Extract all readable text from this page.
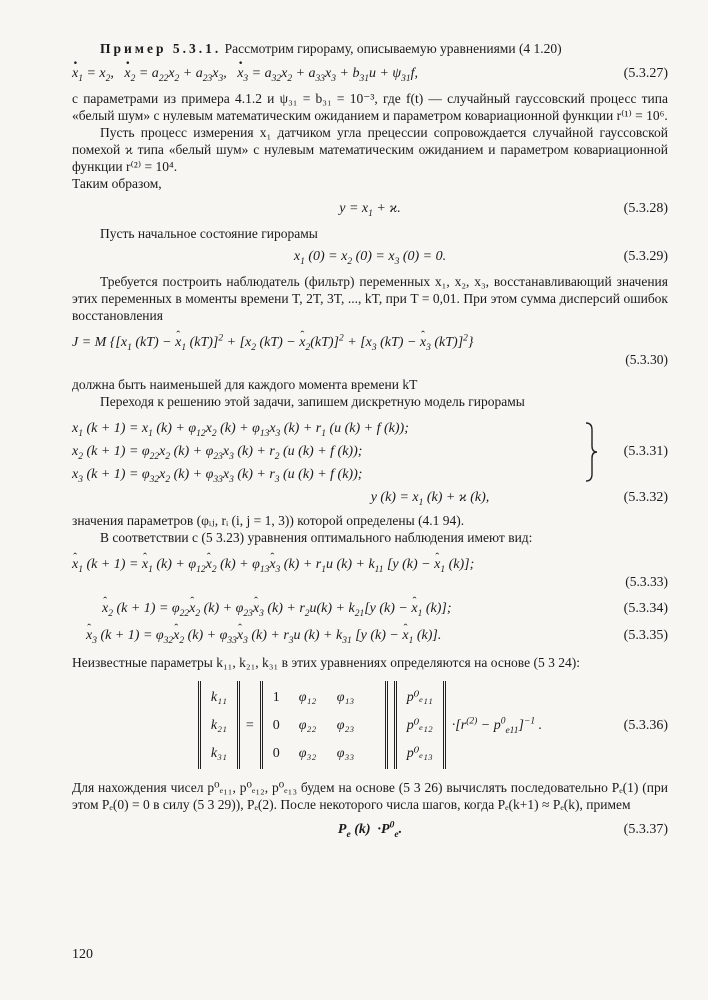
Пример 5.3.1. Рассмотрим гирораму, описываемую уравнениями (4 1.20)

· $x_1 = x_2$,   · $x_2 = a_{22}x_2 + a_{23}x_3$,   · $x_3 = a_{32}x_2 + a_{33}x_3 + b_{31}u + \psi_{31}f$,	(5.3.27)

с параметрами из примера 4.1.2 и ψ₃₁ = b₃₁ = 10⁻³, где f(t) — случайный гауссовский процесс типа «белый шум» с нулевым математическим ожиданием и параметром ковариационной функции r⁽¹⁾ = 10⁶.

Пусть процесс измерения x₁ датчиком угла прецессии сопровождается случайной гауссовской помехой ϰ типа «белый шум» с нулевым математическим ожиданием и параметром ковариационной функции r⁽²⁾ = 10⁴.

Таким образом,

$y = x_1 + ϰ$.	(5.3.28)

Пусть начальное состояние гирорамы

$x_1$ $(0) = x_2$ $(0) = x_3$ (0) = 0.	(5.3.29)

Требуется построить наблюдатель (фильтр) переменных x₁, x₂, x₃, восстанавливающий значения этих переменных в моменты времени T, 2T, 3T, ..., kT, при T = 0,01. При этом сумма дисперсий ошибок восстановления

J = M {[$x_1$ (kT) − ˆ $x_1$ $(kT)]^2 + [x_2$ (kT) − ˆ $x_2(kT)]^2 + [x_3$ (kT) − ˆ $x_3$ (kT)]$^2$}
(5.3.30)

должна быть наименьшей для каждого момента времени kT

Переходя к решению этой задачи, запишем дискретную модель гирорамы

$x_1$ $(k + 1) = x_1$ $(k) + \varphi_{12}x_2$ $(k) + \varphi_{13}x_3$ $(k) + r_1$ (u (k) + f (k));
$x_2$ $(k + 1) = \varphi_{22}x_2$ $(k) + \varphi_{23}x_3$ $(k) + r_2$ (u (k) + f (k));	(5.3.31)
$x_3$ $(k + 1) = \varphi_{32}x_2$ $(k) + \varphi_{33}x_3$ $(k) + r_3$ (u (k) + f (k));
y $(k) = x_1$ (k) + ϰ (k),	(5.3.32)

значения параметров (φᵢⱼ, rᵢ (i, j = 1, 3)) которой определены (4.1 94).

В соответствии с (5 3.23) уравнения оптимального наблюдения имеют вид:

ˆ $x_1$ (k + 1) = ˆ $x_1$ $(k) + \varphi_{12}ˆ$ $x_2$ $(k) + \varphi_{13}ˆ$ $x_3$ $(k) + r_1u$ $(k) + k_{11}$ [y (k) − ˆ $x_1$ (k)];
(5.3.33)
ˆ $x_2$ $(k + 1) = \varphi_{22}ˆ$ $x_2$ $(k) + \varphi_{23}ˆ$ $x_3$ $(k) + r_2u(k) + k_{21}[y$ (k) − ˆ $x_1$ (k)];	(5.3.34)
ˆ $x_3$ $(k + 1) = \varphi_{32}ˆ$ $x_2$ $(k) + \varphi_{33}ˆ$ $x_3$ $(k) + r_3u$ $(k) + k_{31}$ [y (k) − ˆ $x_1$ (k)].	(5.3.35)

Неизвестные параметры k₁₁, k₂₁, k₃₁ в этих уравнениях определяются на основе (5 3 24):

k₁₁
k₂₁
k₃₁
=
1	φ₁₂	φ₁₃
0	φ₂₂	φ₂₃
0	φ₃₂	φ₃₃
p⁰ₑ₁₁
p⁰ₑ₁₂
p⁰ₑ₁₃
$\cdot[r^{(2)} - p^0_{e11}]^{-1}$ .	(5.3.36)

Для нахождения чисел p⁰ₑ₁₁, p⁰ₑ₁₂, p⁰ₑ₁₃ будем на основе (5 3 26) вычислять последовательно Pₑ(1) (при этом Pₑ(0) = 0 в силу (5 3 29)), Pₑ(2). После некоторого числа шагов, когда Pₑ(k+1) ≈ Pₑ(k), примем

$P_e$ $(k) \cdot P^0_e$.	(5.3.37)
120
